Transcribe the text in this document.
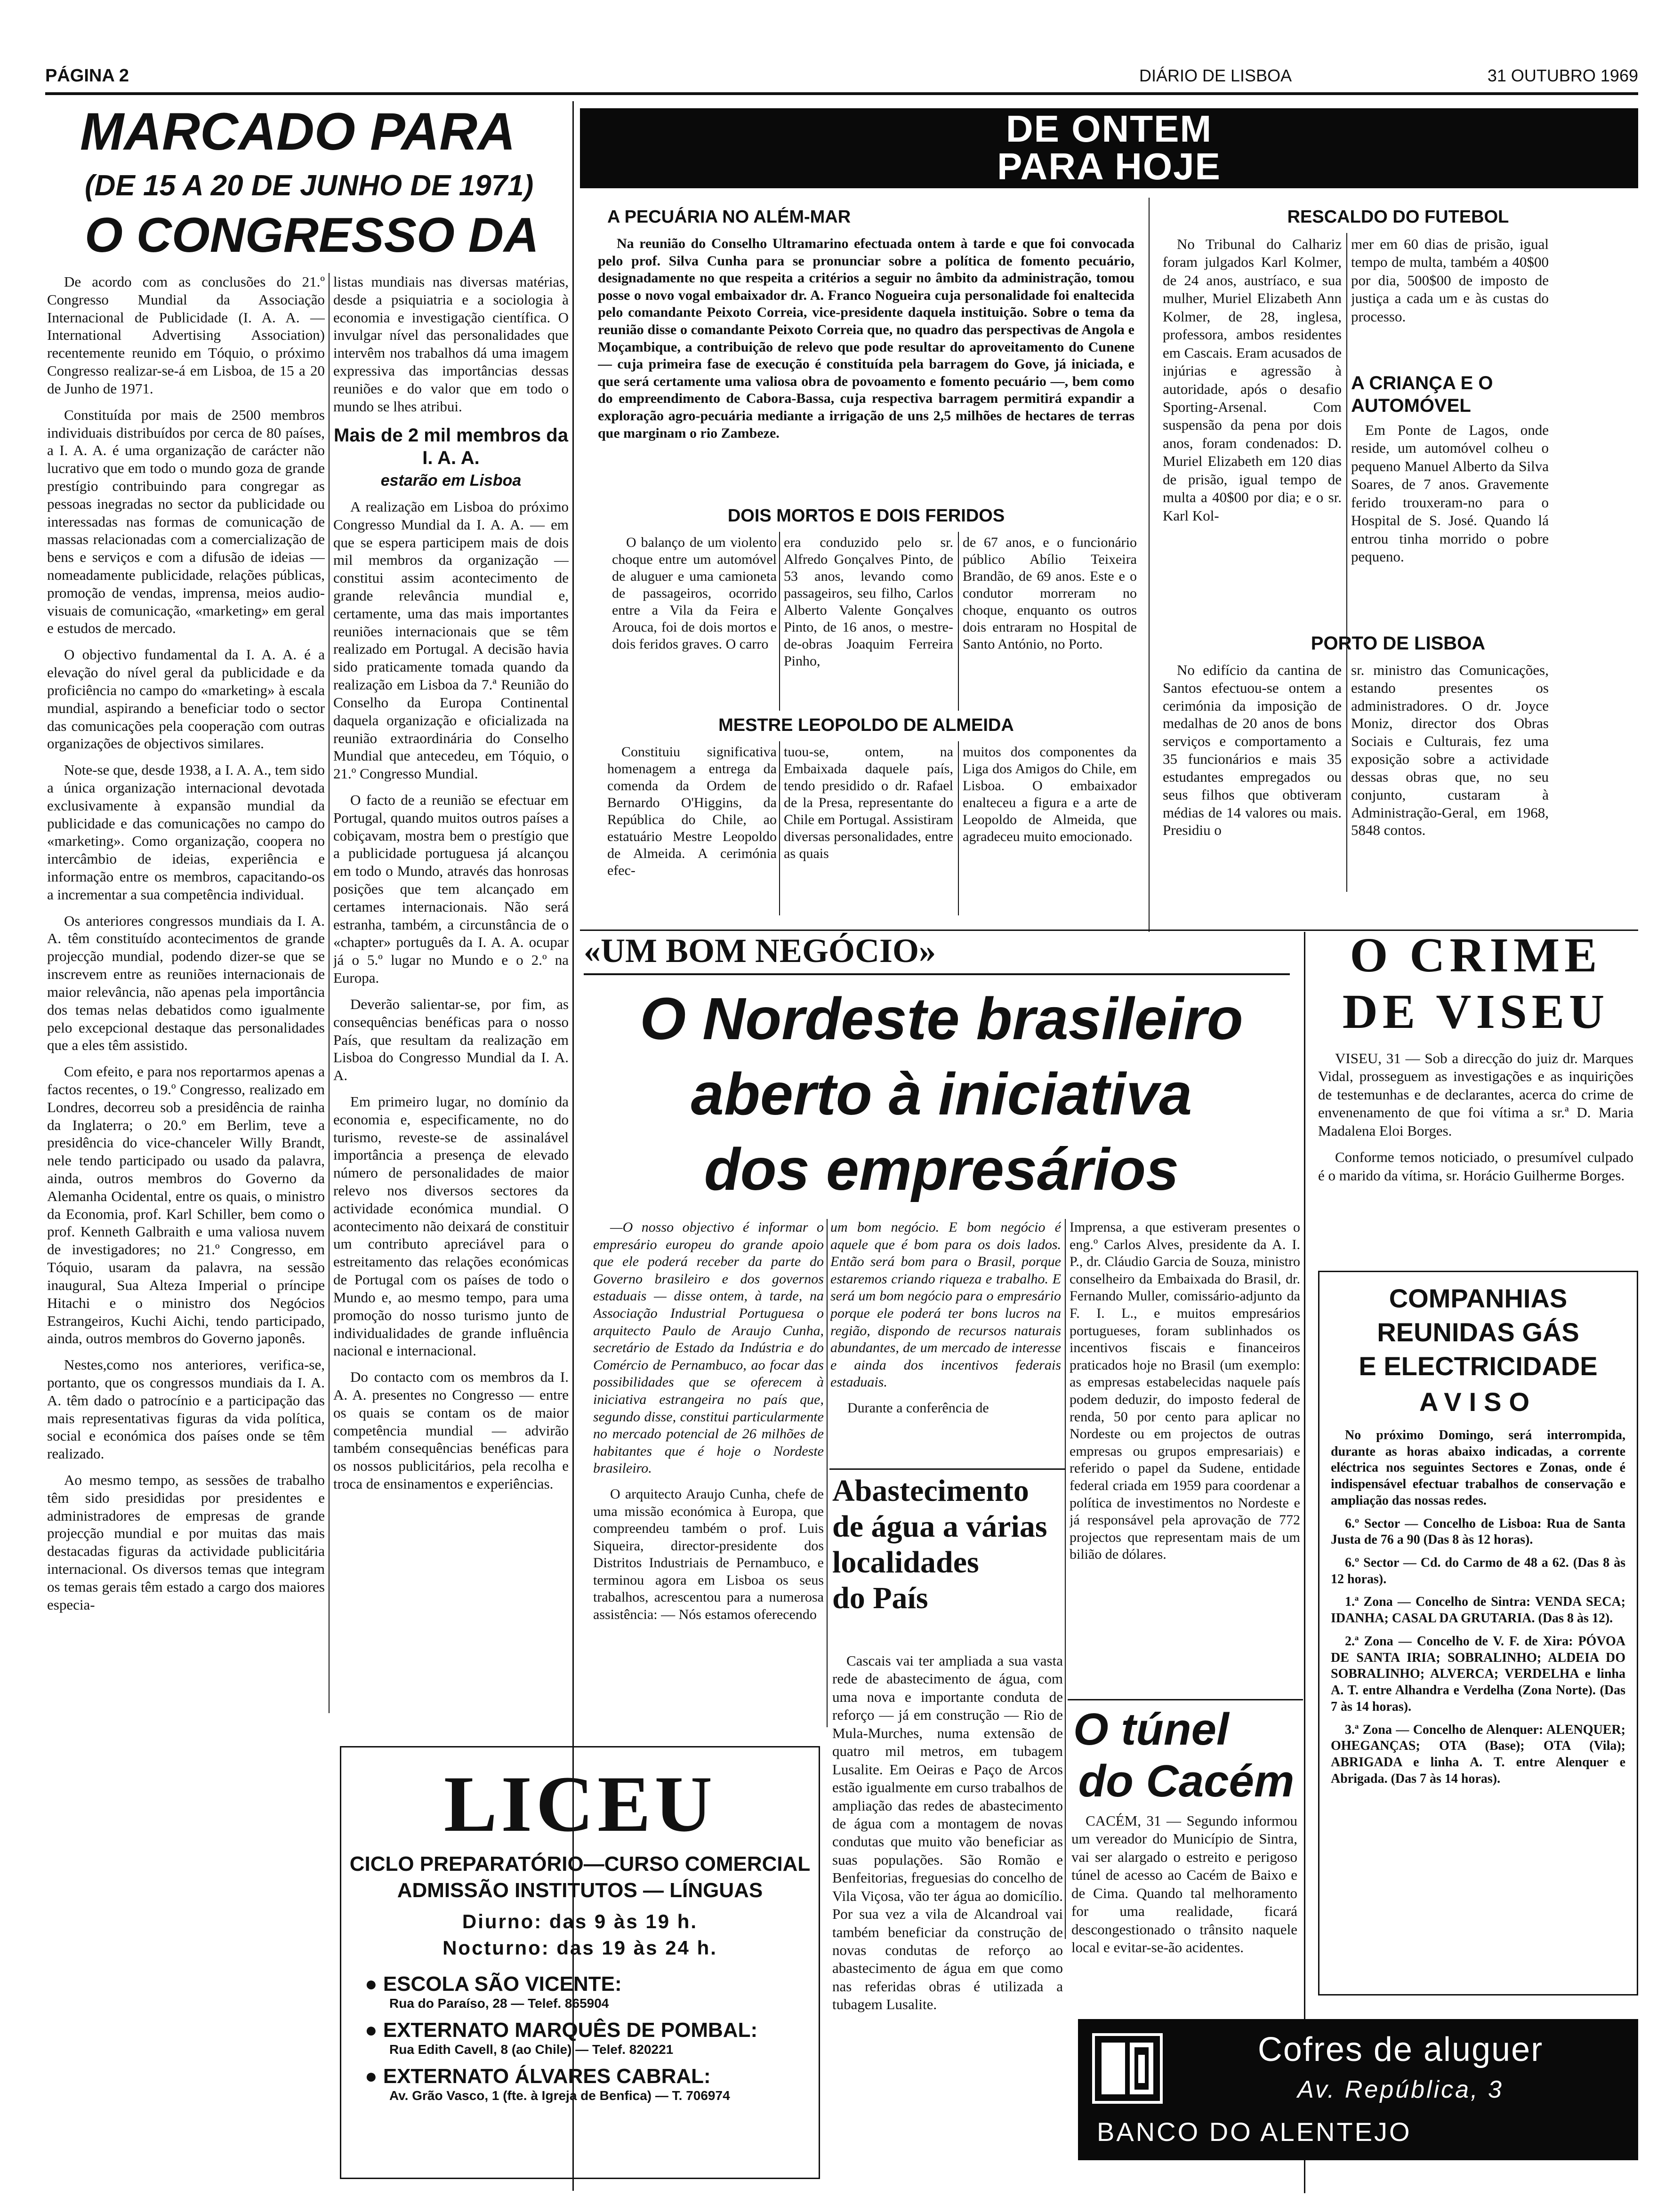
PÁGINA 2	DIÁRIO DE LISBOA	31 OUTUBRO 1969
MARCADO PARA
(DE 15 A 20 DE JUNHO DE 1971)
O CONGRESSO DA

De acordo com as conclusões do 21.º Congresso Mundial da Associação Internacional de Publicidade (I. A. A. — International Advertising Association) recentemente reunido em Tóquio, o próximo Congresso realizar-se-á em Lisboa, de 15 a 20 de Junho de 1971.

Constituída por mais de 2500 membros individuais distribuídos por cerca de 80 países, a I. A. A. é uma organização de carácter não lucrativo que em todo o mundo goza de grande prestígio contribuindo para congregar as pessoas inegradas no sector da publicidade ou interessadas nas formas de comunicação de massas relacionadas com a comercialização de bens e serviços e com a difusão de ideias — nomeadamente publicidade, relações públicas, promoção de vendas, imprensa, meios audio-visuais de comunicação, «marketing» em geral e estudos de mercado.

O objectivo fundamental da I. A. A. é a elevação do nível geral da publicidade e da proficiência no campo do «marketing» à escala mundial, aspirando a beneficiar todo o sector das comunicações pela cooperação com outras organizações de objectivos similares.

Note-se que, desde 1938, a I. A. A., tem sido a única organização internacional devotada exclusivamente à expansão mundial da publicidade e das comunicações no campo do «marketing». Como organização, coopera no intercâmbio de ideias, experiência e informação entre os membros, capacitando-os a incrementar a sua competência individual.

Os anteriores congressos mundiais da I. A. A. têm constituído acontecimentos de grande projecção mundial, podendo dizer-se que se inscrevem entre as reuniões internacionais de maior relevância, não apenas pela importância dos temas nelas debatidos como igualmente pelo excepcional destaque das personalidades que a eles têm assistido.

Com efeito, e para nos reportarmos apenas a factos recentes, o 19.º Congresso, realizado em Londres, decorreu sob a presidência de rainha da Inglaterra; o 20.º em Berlim, teve a presidência do vice-chanceler Willy Brandt, nele tendo participado ou usado da palavra, ainda, outros membros do Governo da Alemanha Ocidental, entre os quais, o ministro da Economia, prof. Karl Schiller, bem como o prof. Kenneth Galbraith e uma valiosa nuvem de investigadores; no 21.º Congresso, em Tóquio, usaram da palavra, na sessão inaugural, Sua Alteza Imperial o príncipe Hitachi e o ministro dos Negócios Estrangeiros, Kuchi Aichi, tendo participado, ainda, outros membros do Governo japonês.

Nestes,como nos anteriores, verifica-se, portanto, que os congressos mundiais da I. A. A. têm dado o patrocínio e a participação das mais representativas figuras da vida política, social e económica dos países onde se têm realizado.

Ao mesmo tempo, as sessões de trabalho têm sido presididas por presidentes e administradores de empresas de grande projecção mundial e por muitas das mais destacadas figuras da actividade publicitária internacional. Os diversos temas que integram os temas gerais têm estado a cargo dos maiores especia-

listas mundiais nas diversas matérias, desde a psiquiatria e a sociologia à economia e investigação científica. O invulgar nível das personalidades que intervêm nos trabalhos dá uma imagem expressiva das importâncias dessas reuniões e do valor que em todo o mundo se lhes atribui.

Mais de 2 mil membros da I. A. A.
estarão em Lisboa

A realização em Lisboa do próximo Congresso Mundial da I. A. A. — em que se espera participem mais de dois mil membros da organização — constitui assim acontecimento de grande relevância mundial e, certamente, uma das mais importantes reuniões internacionais que se têm realizado em Portugal. A decisão havia sido praticamente tomada quando da realização em Lisboa da 7.ª Reunião do Conselho da Europa Continental daquela organização e oficializada na reunião extraordinária do Conselho Mundial que antecedeu, em Tóquio, o 21.º Congresso Mundial.

O facto de a reunião se efectuar em Portugal, quando muitos outros países a cobiçavam, mostra bem o prestígio que a publicidade portuguesa já alcançou em todo o Mundo, através das honrosas posições que tem alcançado em certames internacionais. Não será estranha, também, a circunstância de o «chapter» português da I. A. A. ocupar já o 5.º lugar no Mundo e o 2.º na Europa.

Deverão salientar-se, por fim, as consequências benéficas para o nosso País, que resultam da realização em Lisboa do Congresso Mundial da I. A. A.

Em primeiro lugar, no domínio da economia e, especificamente, no do turismo, reveste-se de assinalável importância a presença de elevado número de personalidades de maior relevo nos diversos sectores da actividade económica mundial. O acontecimento não deixará de constituir um contributo apreciável para o estreitamento das relações económicas de Portugal com os países de todo o Mundo e, ao mesmo tempo, para uma promoção do nosso turismo junto de individualidades de grande influência nacional e internacional.

Do contacto com os membros da I. A. A. presentes no Congresso — entre os quais se contam os de maior competência mundial — advirão também consequências benéficas para os nossos publicitários, pela recolha e troca de ensinamentos e experiências.

DE ONTEM
PARA HOJE
A PECUÁRIA NO ALÉM-MAR
Na reunião do Conselho Ultramarino efectuada ontem à tarde e que foi convocada pelo prof. Silva Cunha para se pronunciar sobre a política de fomento pecuário, designadamente no que respeita a critérios a seguir no âmbito da administração, tomou posse o novo vogal embaixador dr. A. Franco Nogueira cuja personalidade foi enaltecida pelo comandante Peixoto Correia, vice-presidente daquela instituição. Sobre o tema da reunião disse o comandante Peixoto Correia que, no quadro das perspectivas de Angola e Moçambique, a contribuição de relevo que pode resultar do aproveitamento do Cunene — cuja primeira fase de execução é constituída pela barragem do Gove, já iniciada, e que será certamente uma valiosa obra de povoamento e fomento pecuário —, bem como do empreendimento de Cabora-Bassa, cuja respectiva barragem permitirá expandir a exploração agro-pecuária mediante a irrigação de uns 2,5 milhões de hectares de terras que marginam o rio Zambeze.
DOIS MORTOS E DOIS FERIDOS
O balanço de um violento choque entre um automóvel de aluguer e uma camioneta de passageiros, ocorrido entre a Vila da Feira e Arouca, foi de dois mortos e dois feridos graves. O carro
era conduzido pelo sr. Alfredo Gonçalves Pinto, de 53 anos, levando como passageiros, seu filho, Carlos Alberto Valente Gonçalves Pinto, de 16 anos, o mestre-de-obras Joaquim Ferreira Pinho,
de 67 anos, e o funcionário público Abílio Teixeira Brandão, de 69 anos. Este e o condutor morreram no choque, enquanto os outros dois entraram no Hospital de Santo António, no Porto.
MESTRE LEOPOLDO DE ALMEIDA
Constituiu significativa homenagem a entrega da comenda da Ordem de Bernardo O'Higgins, da República do Chile, ao estatuário Mestre Leopoldo de Almeida. A cerimónia efec-
tuou-se, ontem, na Embaixada daquele país, tendo presidido o dr. Rafael de la Presa, representante do Chile em Portugal. Assistiram diversas personalidades, entre as quais
muitos dos componentes da Liga dos Amigos do Chile, em Lisboa. O embaixador enalteceu a figura e a arte de Leopoldo de Almeida, que agradeceu muito emocionado.
RESCALDO DO FUTEBOL
No Tribunal do Calhariz foram julgados Karl Kolmer, de 24 anos, austríaco, e sua mulher, Muriel Elizabeth Ann Kolmer, de 28, inglesa, professora, ambos residentes em Cascais. Eram acusados de injúrias e agressão à autoridade, após o desafio Sporting-Arsenal. Com suspensão da pena por dois anos, foram condenados: D. Muriel Elizabeth em 120 dias de prisão, igual tempo de multa a 40$00 por dia; e o sr. Karl Kol-
mer em 60 dias de prisão, igual tempo de multa, também a 40$00 por dia, 500$00 de imposto de justiça a cada um e às custas do processo.
A CRIANÇA E O AUTOMÓVEL
Em Ponte de Lagos, onde reside, um automóvel colheu o pequeno Manuel Alberto da Silva Soares, de 7 anos. Gravemente ferido trouxeram-no para o Hospital de S. José. Quando lá entrou tinha morrido o pobre pequeno.
PORTO DE LISBOA
No edifício da cantina de Santos efectuou-se ontem a cerimónia da imposição de medalhas de 20 anos de bons serviços e comportamento a 35 funcionários e mais 35 estudantes empregados ou seus filhos que obtiveram médias de 14 valores ou mais. Presidiu o
sr. ministro das Comunicações, estando presentes os administradores. O dr. Joyce Moniz, director dos Obras Sociais e Culturais, fez uma exposição sobre a actividade dessas obras que, no seu conjunto, custaram à Administração-Geral, em 1968, 5848 contos.
«UM BOM NEGÓCIO»
O Nordeste brasileiro
aberto à iniciativa
dos empresários

—O nosso objectivo é informar o empresário europeu do grande apoio que ele poderá receber da parte do Governo brasileiro e dos governos estaduais — disse ontem, à tarde, na Associação Industrial Portuguesa o arquitecto Paulo de Araujo Cunha, secretário de Estado da Indústria e do Comércio de Pernambuco, ao focar das possibilidades que se oferecem à iniciativa estrangeira no país que, segundo disse, constitui particularmente no mercado potencial de 26 milhões de habitantes que é hoje o Nordeste brasileiro.

O arquitecto Araujo Cunha, chefe de uma missão económica à Europa, que compreendeu também o prof. Luis Siqueira, director-presidente dos Distritos Industriais de Pernambuco, e terminou agora em Lisboa os seus trabalhos, acrescentou para a numerosa assistência: — Nós estamos oferecendo

um bom negócio. E bom negócio é aquele que é bom para os dois lados. Então será bom para o Brasil, porque estaremos criando riqueza e trabalho. E será um bom negócio para o empresário porque ele poderá ter bons lucros na região, dispondo de recursos naturais abundantes, de um mercado de interesse e ainda dos incentivos federais estaduais.

Durante a conferência de

Imprensa, a que estiveram presentes o eng.º Carlos Alves, presidente da A. I. P., dr. Cláudio Garcia de Souza, ministro conselheiro da Embaixada do Brasil, dr. Fernando Muller, comissário-adjunto da F. I. L., e muitos empresários portugueses, foram sublinhados os incentivos fiscais e financeiros praticados hoje no Brasil (um exemplo: as empresas estabelecidas naquele país podem deduzir, do imposto federal de renda, 50 por cento para aplicar no Nordeste ou em projectos de outras empresas ou grupos empresariais) e referido o papel da Sudene, entidade federal criada em 1959 para coordenar a política de investimentos no Nordeste e já responsável pela aprovação de 772 projectos que representam mais de um bilião de dólares.
Abastecimento
de água a várias
localidades
do País
Cascais vai ter ampliada a sua vasta rede de abastecimento de água, com uma nova e importante conduta de reforço — já em construção — Rio de Mula-Murches, numa extensão de quatro mil metros, em tubagem Lusalite. Em Oeiras e Paço de Arcos estão igualmente em curso trabalhos de ampliação das redes de abastecimento de água com a montagem de novas condutas que muito vão beneficiar as suas populações. São Romão e Benfeitorias, freguesias do concelho de Vila Viçosa, vão ter água ao domicílio. Por sua vez a vila de Alcandroal vai também beneficiar da construção de novas condutas de reforço ao abastecimento de água em que como nas referidas obras é utilizada a tubagem Lusalite.
O túnel
do Cacém
CACÉM, 31 — Segundo informou um vereador do Município de Sintra, vai ser alargado o estreito e perigoso túnel de acesso ao Cacém de Baixo e de Cima. Quando tal melhoramento for uma realidade, ficará descongestionado o trânsito naquele local e evitar-se-ão acidentes.
LICEU
CICLO PREPARATÓRIO—CURSO COMERCIAL
ADMISSÃO INSTITUTOS — LÍNGUAS
Diurno: das 9 às 19 h.
Nocturno: das 19 às 24 h.
● ESCOLA SÃO VICENTE:
Rua do Paraíso, 28 — Telef. 865904
● EXTERNATO MARQUÊS DE POMBAL:
Rua Edith Cavell, 8 (ao Chile) — Telef. 820221
● EXTERNATO ÁLVARES CABRAL:
Av. Grão Vasco, 1 (fte. à Igreja de Benfica) — T. 706974
O CRIME
DE VISEU

VISEU, 31 — Sob a direcção do juiz dr. Marques Vidal, prosseguem as investigações e as inquirições de testemunhas e de declarantes, acerca do crime de envenenamento de que foi vítima a sr.ª D. Maria Madalena Eloi Borges.

Conforme temos noticiado, o presumível culpado é o marido da vítima, sr. Horácio Guilherme Borges.

COMPANHIAS
REUNIDAS GÁS
E ELECTRICIDADE
AVISO

No próximo Domingo, será interrompida, durante as horas abaixo indicadas, a corrente eléctrica nos seguintes Sectores e Zonas, onde é indispensável efectuar trabalhos de conservação e ampliação das nossas redes.

6.º Sector — Concelho de Lisboa: Rua de Santa Justa de 76 a 90 (Das 8 às 12 horas).

6.º Sector — Cd. do Carmo de 48 a 62. (Das 8 às 12 horas).

1.ª Zona — Concelho de Sintra: VENDA SECA; IDANHA; CASAL DA GRUTARIA. (Das 8 às 12).

2.ª Zona — Concelho de V. F. de Xira: PÓVOA DE SANTA IRIA; SOBRALINHO; ALDEIA DO SOBRALINHO; ALVERCA; VERDELHA e linha A. T. entre Alhandra e Verdelha (Zona Norte). (Das 7 às 14 horas).

3.ª Zona — Concelho de Alenquer: ALENQUER; OHEGANÇAS; OTA (Base); OTA (Vila); ABRIGADA e linha A. T. entre Alenquer e Abrigada. (Das 7 às 14 horas).

Cofres de aluguer
Av. República, 3
BANCO DO ALENTEJO
